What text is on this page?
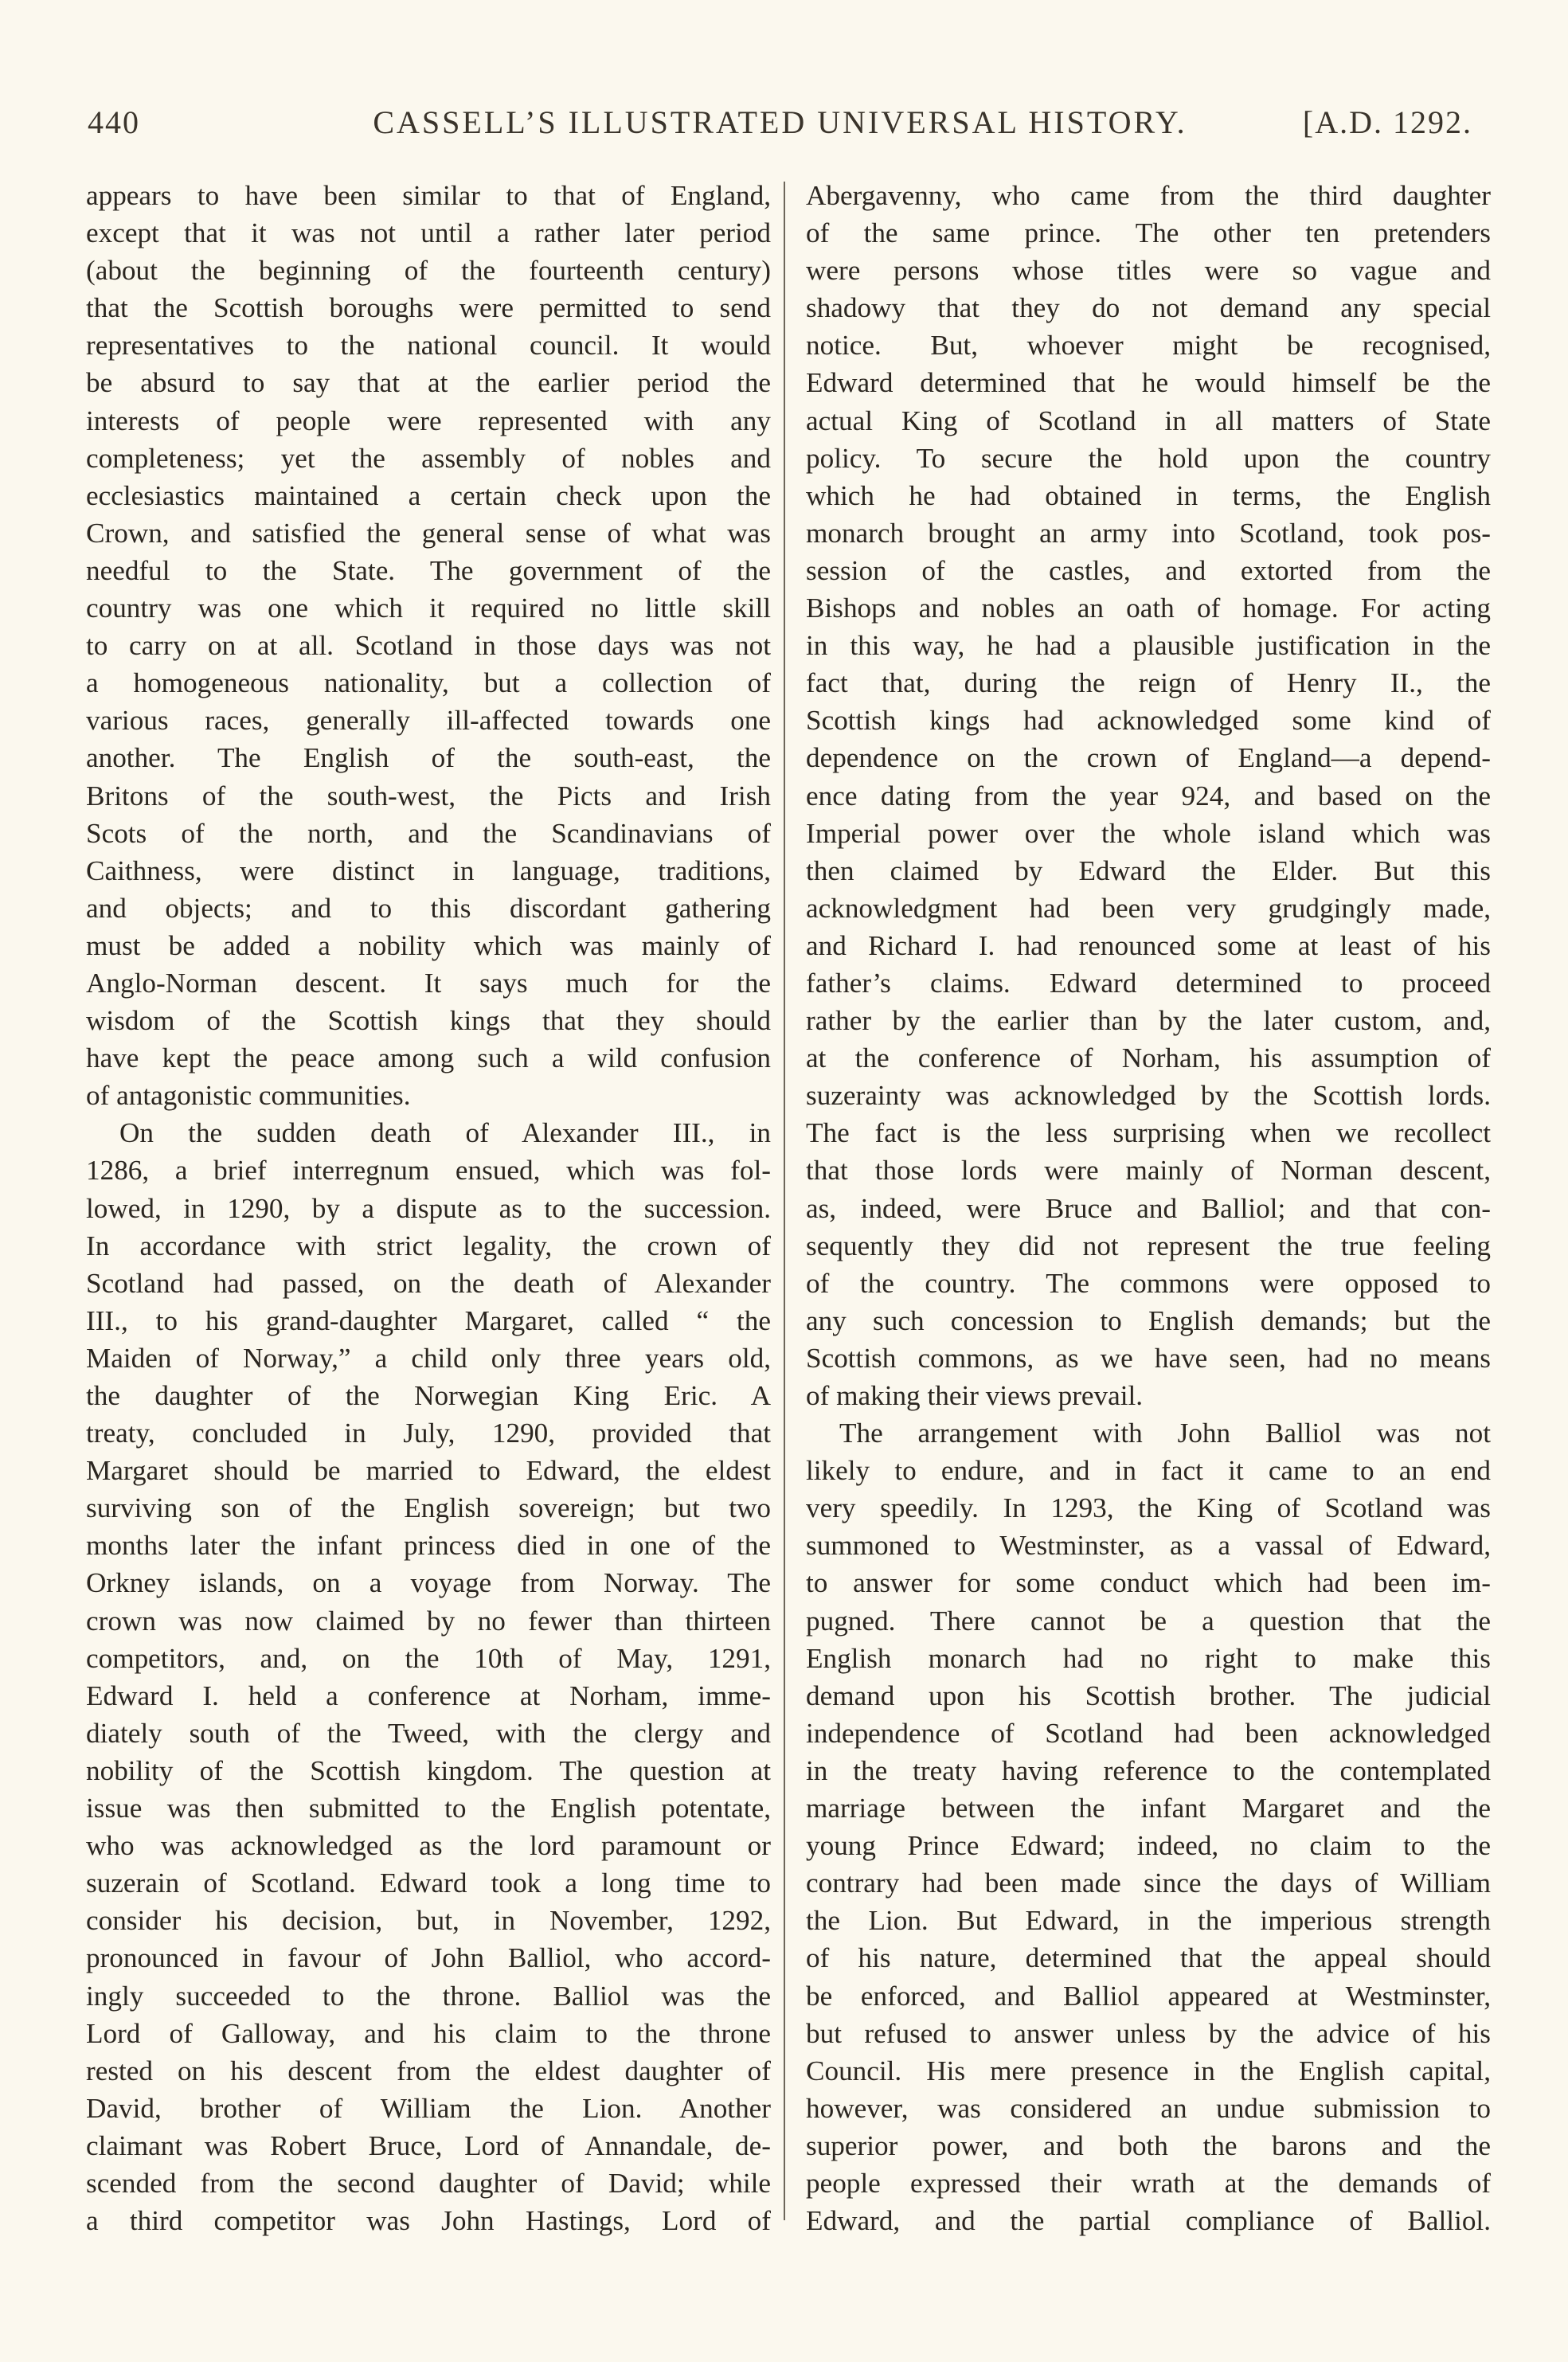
440	CASSELL’S ILLUSTRATED UNIVERSAL HISTORY.	[A.D. 1292.
appears to have been similar to that of England,
except that it was not until a rather later period
(about the beginning of the fourteenth century)
that the Scottish boroughs were permitted to send
representatives to the national council. It would
be absurd to say that at the earlier period the
interests of people were represented with any
completeness; yet the assembly of nobles and
ecclesiastics maintained a certain check upon the
Crown, and satisfied the general sense of what was
needful to the State. The government of the
country was one which it required no little skill
to carry on at all. Scotland in those days was not
a homogeneous nationality, but a collection of
various races, generally ill-affected towards one
another. The English of the south-east, the
Britons of the south-west, the Picts and Irish
Scots of the north, and the Scandinavians of
Caithness, were distinct in language, traditions,
and objects; and to this discordant gathering
must be added a nobility which was mainly of
Anglo-Norman descent. It says much for the
wisdom of the Scottish kings that they should
have kept the peace among such a wild confusion
of antagonistic communities.
On the sudden death of Alexander III., in
1286, a brief interregnum ensued, which was fol-
lowed, in 1290, by a dispute as to the succession.
In accordance with strict legality, the crown of
Scotland had passed, on the death of Alexander
III., to his grand-daughter Margaret, called “ the
Maiden of Norway,” a child only three years old,
the daughter of the Norwegian King Eric. A
treaty, concluded in July, 1290, provided that
Margaret should be married to Edward, the eldest
surviving son of the English sovereign; but two
months later the infant princess died in one of the
Orkney islands, on a voyage from Norway. The
crown was now claimed by no fewer than thirteen
competitors, and, on the 10th of May, 1291,
Edward I. held a conference at Norham, imme-
diately south of the Tweed, with the clergy and
nobility of the Scottish kingdom. The question at
issue was then submitted to the English potentate,
who was acknowledged as the lord paramount or
suzerain of Scotland. Edward took a long time to
consider his decision, but, in November, 1292,
pronounced in favour of John Balliol, who accord-
ingly succeeded to the throne. Balliol was the
Lord of Galloway, and his claim to the throne
rested on his descent from the eldest daughter of
David, brother of William the Lion. Another
claimant was Robert Bruce, Lord of Annandale, de-
scended from the second daughter of David; while
a third competitor was John Hastings, Lord of
Abergavenny, who came from the third daughter
of the same prince. The other ten pretenders
were persons whose titles were so vague and
shadowy that they do not demand any special
notice. But, whoever might be recognised,
Edward determined that he would himself be the
actual King of Scotland in all matters of State
policy. To secure the hold upon the country
which he had obtained in terms, the English
monarch brought an army into Scotland, took pos-
session of the castles, and extorted from the
Bishops and nobles an oath of homage. For acting
in this way, he had a plausible justification in the
fact that, during the reign of Henry II., the
Scottish kings had acknowledged some kind of
dependence on the crown of England—a depend-
ence dating from the year 924, and based on the
Imperial power over the whole island which was
then claimed by Edward the Elder. But this
acknowledgment had been very grudgingly made,
and Richard I. had renounced some at least of his
father’s claims. Edward determined to proceed
rather by the earlier than by the later custom, and,
at the conference of Norham, his assumption of
suzerainty was acknowledged by the Scottish lords.
The fact is the less surprising when we recollect
that those lords were mainly of Norman descent,
as, indeed, were Bruce and Balliol; and that con-
sequently they did not represent the true feeling
of the country. The commons were opposed to
any such concession to English demands; but the
Scottish commons, as we have seen, had no means
of making their views prevail.
The arrangement with John Balliol was not
likely to endure, and in fact it came to an end
very speedily. In 1293, the King of Scotland was
summoned to Westminster, as a vassal of Edward,
to answer for some conduct which had been im-
pugned. There cannot be a question that the
English monarch had no right to make this
demand upon his Scottish brother. The judicial
independence of Scotland had been acknowledged
in the treaty having reference to the contemplated
marriage between the infant Margaret and the
young Prince Edward; indeed, no claim to the
contrary had been made since the days of William
the Lion. But Edward, in the imperious strength
of his nature, determined that the appeal should
be enforced, and Balliol appeared at Westminster,
but refused to answer unless by the advice of his
Council. His mere presence in the English capital,
however, was considered an undue submission to
superior power, and both the barons and the
people expressed their wrath at the demands of
Edward, and the partial compliance of Balliol.
